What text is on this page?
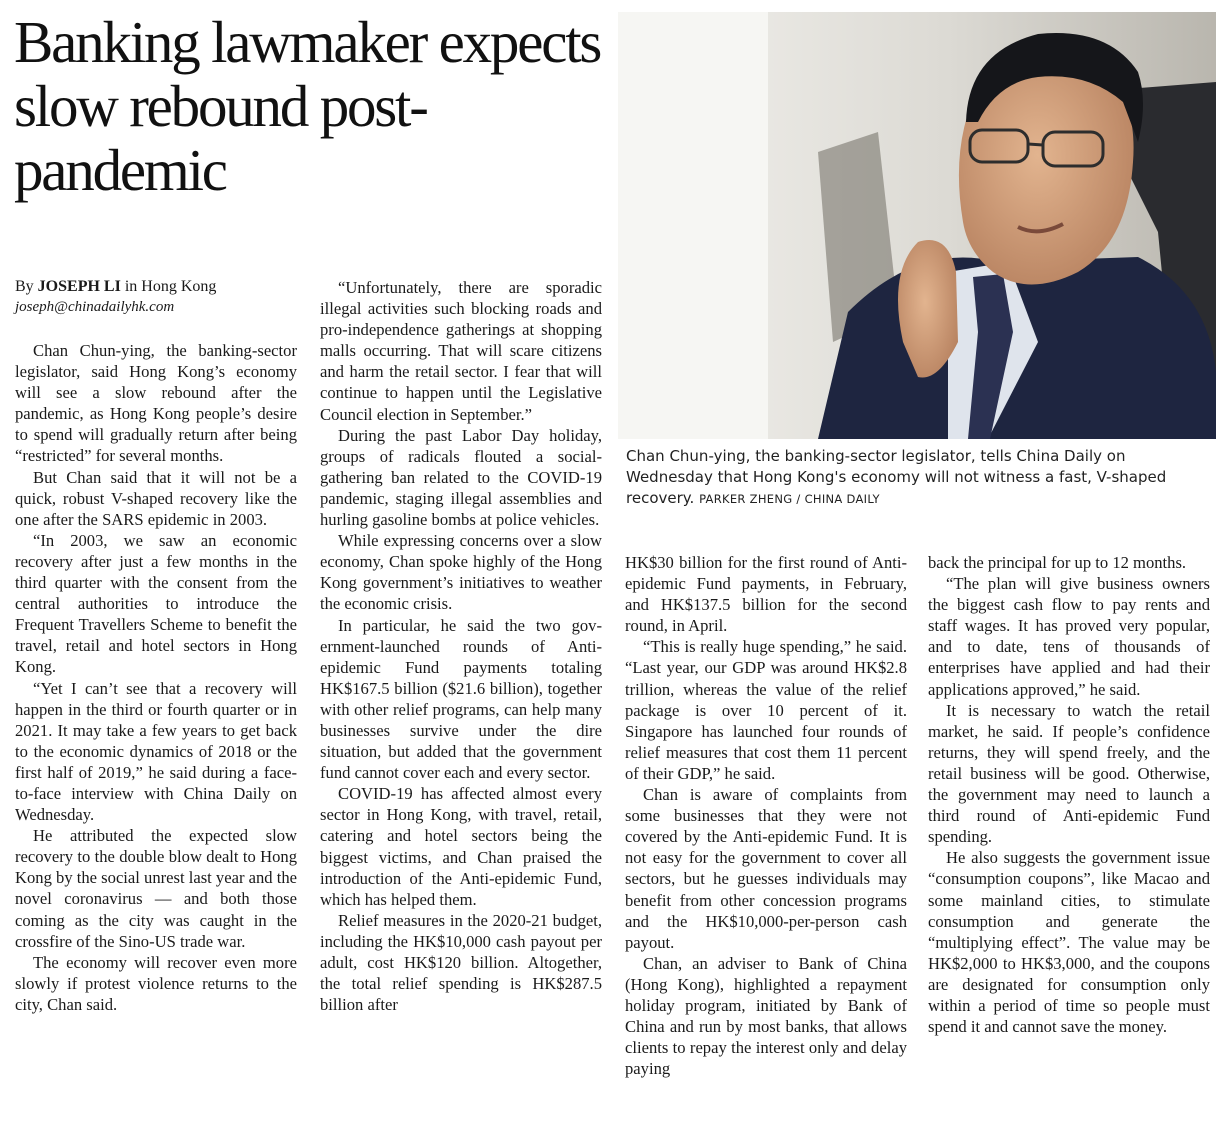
Banking lawmaker expects slow rebound post-pandemic
By JOSEPH LI in Hong Kong
joseph@chinadailyhk.com

Chan Chun-ying, the banking-sector legislator, said Hong Kong’s economy will see a slow rebound after the pandemic, as Hong Kong people’s desire to spend will gradually return after being “restricted” for several months.

But Chan said that it will not be a quick, robust V-shaped recovery like the one after the SARS epidemic in 2003.

“In 2003, we saw an economic recovery after just a few months in the third quarter with the consent from the central authorities to introduce the Frequent Travellers Scheme to benefit the travel, retail and hotel sectors in Hong Kong.

“Yet I can’t see that a recovery will happen in the third or fourth quarter or in 2021. It may take a few years to get back to the economic dynamics of 2018 or the first half of 2019,” he said during a face-to-face interview with China Daily on Wednesday.

He attributed the expected slow recovery to the double blow dealt to Hong Kong by the social unrest last year and the novel coronavirus — and both those coming as the city was caught in the crossfire of the Sino-US trade war.

The economy will recover even more slowly if protest violence returns to the city, Chan said.

“Unfortunately, there are sporadic illegal activities such blocking roads and pro-independence gatherings at shopping malls occurring. That will scare citizens and harm the retail sector. I fear that will continue to happen until the Legislative Council election in September.”

During the past Labor Day holiday, groups of radicals flouted a social-gathering ban related to the COVID-19 pandemic, staging illegal assemblies and hurling gasoline bombs at police vehicles.

While expressing concerns over a slow economy, Chan spoke highly of the Hong Kong government’s initiatives to weather the economic crisis.

In particular, he said the two government-launched rounds of Anti-epidemic Fund payments totaling HK$167.5 billion ($21.6 billion), together with other relief programs, can help many businesses survive under the dire situation, but added that the government fund cannot cover each and every sector.

COVID-19 has affected almost every sector in Hong Kong, with travel, retail, catering and hotel sectors being the biggest victims, and Chan praised the introduction of the Anti-epidemic Fund, which has helped them.

Relief measures in the 2020-21 budget, including the HK$10,000 cash payout per adult, cost HK$120 billion. Altogether, the total relief spending is HK$287.5 billion after

Chan Chun-ying, the banking-sector legislator, tells China Daily on Wednesday that Hong Kong's economy will not witness a fast, V-shaped recovery. PARKER ZHENG / CHINA DAILY

HK$30 billion for the first round of Anti-epidemic Fund payments, in February, and HK$137.5 billion for the second round, in April.

“This is really huge spending,” he said. “Last year, our GDP was around HK$2.8 trillion, whereas the value of the relief package is over 10 percent of it. Singapore has launched four rounds of relief measures that cost them 11 percent of their GDP,” he said.

Chan is aware of complaints from some businesses that they were not covered by the Anti-epidemic Fund. It is not easy for the government to cover all sectors, but he guesses individuals may benefit from other concession programs and the HK$10,000-per-person cash payout.

Chan, an adviser to Bank of China (Hong Kong), highlighted a repayment holiday program, initiated by Bank of China and run by most banks, that allows clients to repay the interest only and delay paying

back the principal for up to 12 months.

“The plan will give business owners the biggest cash flow to pay rents and staff wages. It has proved very popular, and to date, tens of thousands of enterprises have applied and had their applications approved,” he said.

It is necessary to watch the retail market, he said. If people’s confidence returns, they will spend freely, and the retail business will be good. Otherwise, the government may need to launch a third round of Anti-epidemic Fund spending.

He also suggests the government issue “consumption coupons”, like Macao and some mainland cities, to stimulate consumption and generate the “multiplying effect”. The value may be HK$2,000 to HK$3,000, and the coupons are designated for consumption only within a period of time so people must spend it and cannot save the money.
